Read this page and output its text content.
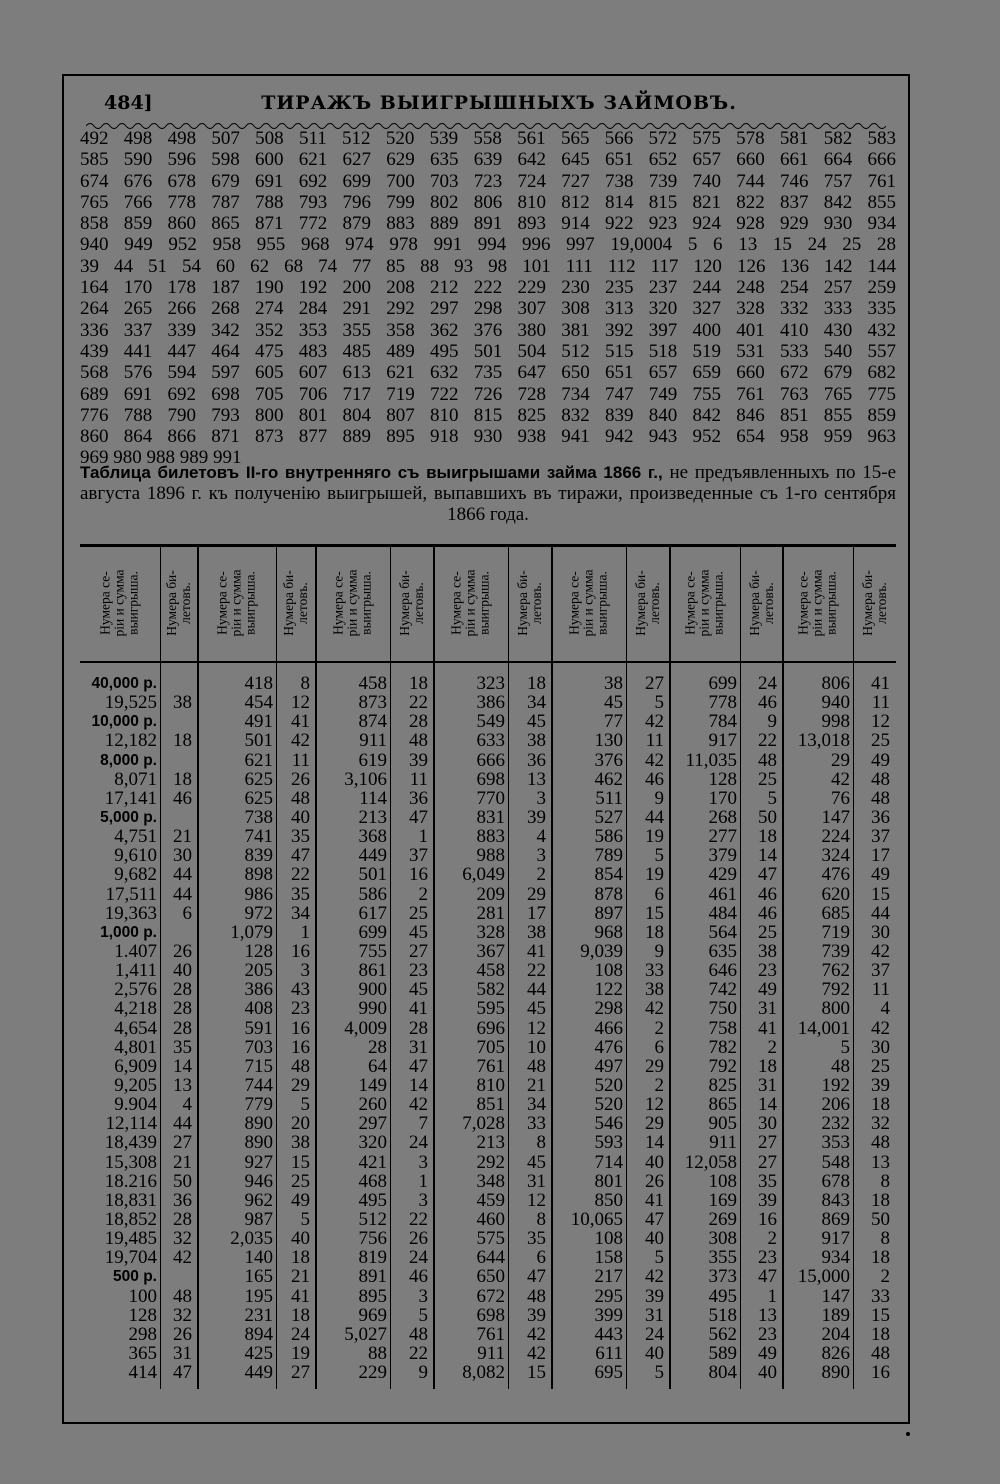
484]	ТИРАЖЪ ВЫИГРЫШНЫХЪ ЗАЙМОВЪ.
492 498 498 507 508 511 512 520 539 558 561 565 566 572 575 578 581 582 583
585 590 596 598 600 621 627 629 635 639 642 645 651 652 657 660 661 664 666
674 676 678 679 691 692 699 700 703 723 724 727 738 739 740 744 746 757 761
765 766 778 787 788 793 796 799 802 806 810 812 814 815 821 822 837 842 855
858 859 860 865 871 772 879 883 889 891 893 914 922 923 924 928 929 930 934
940 949 952 958 955 968 974 978 991 994 996 997 19,0004 5 6 13 15 24 25 28
39 44 51 54 60 62 68 74 77 85 88 93 98 101 111 112 117 120 126 136 142 144
164 170 178 187 190 192 200 208 212 222 229 230 235 237 244 248 254 257 259
264 265 266 268 274 284 291 292 297 298 307 308 313 320 327 328 332 333 335
336 337 339 342 352 353 355 358 362 376 380 381 392 397 400 401 410 430 432
439 441 447 464 475 483 485 489 495 501 504 512 515 518 519 531 533 540 557
568 576 594 597 605 607 613 621 632 735 647 650 651 657 659 660 672 679 682
689 691 692 698 705 706 717 719 722 726 728 734 747 749 755 761 763 765 775
776 788 790 793 800 801 804 807 810 815 825 832 839 840 842 846 851 855 859
860 864 866 871 873 877 889 895 918 930 938 941 942 943 952 654 958 959 963
969 980 988 989 991
Таблица билетовъ II-го внутренняго съ выигрышами займа 1866 г., не предъявленныхъ по 15-е августа 1896 г. къ полученію выигрышей, выпавшихъ въ тиражи, произведенные съ 1-го сентября 1866 года.
Нумера се-
ріи и сумма
выигрыша. Нумера би-
летовъ.
40,000 р.
19,525
10,000 р.
12,182
8,000 р.
8,071
17,141
5,000 р.
4,751
9,610
9,682
17,511
19,363
1,000 р.
1.407
1,411
2,576
4,218
4,654
4,801
6,909
9,205
9.904
12,114
18,439
15,308
18.216
18,831
18,852
19,485
19,704
500 р.
100
128
298
365
414
38
18
18
46
21
30
44
44
6
26
40
28
28
28
35
14
13
4
44
27
21
50
36
28
32
42
48
32
26
31
47
Нумера се-
ріи и сумма
выигрыша. Нумера би-
летовъ.
418
454
491
501
621
625
625
738
741
839
898
986
972
1,079
128
205
386
408
591
703
715
744
779
890
890
927
946
962
987
2,035
140
165
195
231
894
425
449
8
12
41
42
11
26
48
40
35
47
22
35
34
1
16
3
43
23
16
16
48
29
5
20
38
15
25
49
5
40
18
21
41
18
24
19
27
Нумера се-
ріи и сумма
выигрыша. Нумера би-
летовъ.
458
873
874
911
619
3,106
114
213
368
449
501
586
617
699
755
861
900
990
4,009
28
64
149
260
297
320
421
468
495
512
756
819
891
895
969
5,027
88
229
18
22
28
48
39
11
36
47
1
37
16
2
25
45
27
23
45
41
28
31
47
14
42
7
24
3
1
3
22
26
24
46
3
5
48
22
9
Нумера се-
ріи и сумма
выигрыша. Нумера би-
летовъ.
323
386
549
633
666
698
770
831
883
988
6,049
209
281
328
367
458
582
595
696
705
761
810
851
7,028
213
292
348
459
460
575
644
650
672
698
761
911
8,082
18
34
45
38
36
13
3
39
4
3
2
29
17
38
41
22
44
45
12
10
48
21
34
33
8
45
31
12
8
35
6
47
48
39
42
42
15
Нумера се-
ріи и сумма
выигрыша. Нумера би-
летовъ.
38
45
77
130
376
462
511
527
586
789
854
878
897
968
9,039
108
122
298
466
476
497
520
520
546
593
714
801
850
10,065
108
158
217
295
399
443
611
695
27
5
42
11
42
46
9
44
19
5
19
6
15
18
9
33
38
42
2
6
29
2
12
29
14
40
26
41
47
40
5
42
39
31
24
40
5
Нумера се-
ріи и сумма
выигрыша. Нумера би-
летовъ.
699
778
784
917
11,035
128
170
268
277
379
429
461
484
564
635
646
742
750
758
782
792
825
865
905
911
12,058
108
169
269
308
355
373
495
518
562
589
804
24
46
9
22
48
25
5
50
18
14
47
46
46
25
38
23
49
31
41
2
18
31
14
30
27
27
35
39
16
2
23
47
1
13
23
49
40
Нумера се-
ріи и сумма
выигрыша. Нумера би-
летовъ.
806
940
998
13,018
29
42
76
147
224
324
476
620
685
719
739
762
792
800
14,001
5
48
192
206
232
353
548
678
843
869
917
934
15,000
147
189
204
826
890
41
11
12
25
49
48
48
36
37
17
49
15
44
30
42
37
11
4
42
30
25
39
18
32
48
13
8
18
50
8
18
2
33
15
18
48
16
